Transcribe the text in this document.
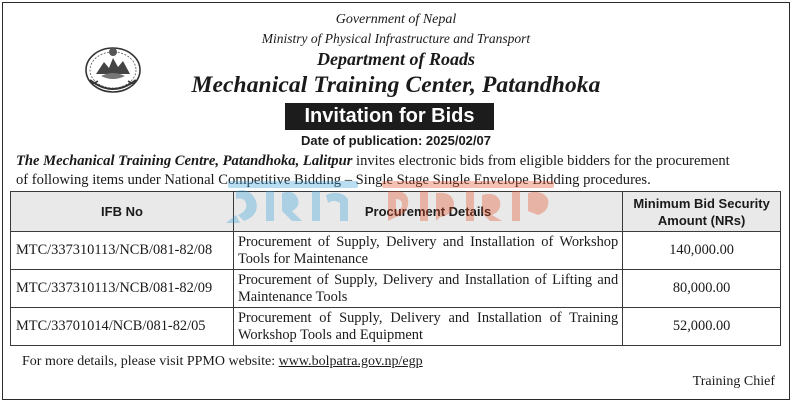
Government of Nepal
Ministry of Physical Infrastructure and Transport
Department of Roads
Mechanical Training Center, Patandhoka
Invitation for Bids
Date of publication: 2025/02/07
The Mechanical Training Centre, Patandhoka, Lalitpur invites electronic bids from eligible bidders for the procurement
of following items under National Competitive Bidding – Single Stage Single Envelope Bidding procedures.
IFB No	Procurement Details	Minimum Bid Security
Amount (NRs)
MTC/337310113/NCB/081-82/08	Procurement of Supply, Delivery and Installation of Workshop Tools for Maintenance	140,000.00
MTC/337310113/NCB/081-82/09	Procurement of Supply, Delivery and Installation of Lifting and Maintenance Tools	80,000.00
MTC/33701014/NCB/081-82/05	Procurement of Supply, Delivery and Installation of Training Workshop Tools and Equipment	52,000.00
For more details, please visit PPMO website: www.bolpatra.gov.np/egp
Training Chief
